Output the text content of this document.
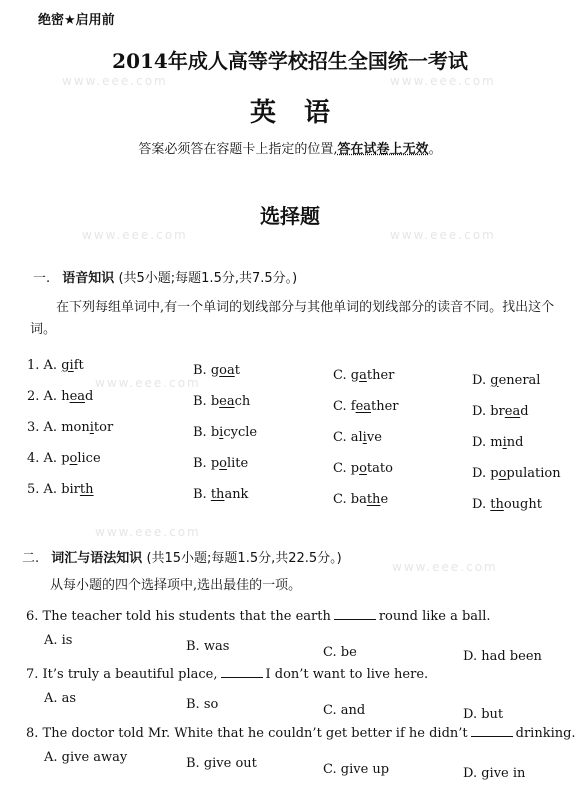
www.eee.com	www.eee.com
www.eee.com	www.eee.com
www.eee.com
www.eee.com
www.eee.com
绝密★启用前
2014年成人高等学校招生全国统一考试
英语
答案必须答在容题卡上指定的位置,答在试卷上无效。
选择题
一. 语音知识 (共5小题;每题1.5分,共7.5分。)
在下列每组单词中,有一个单词的划线部分与其他单词的划线部分的读音不同。找出这个词。
1. A. gift	B. goat	C. gather	D. general
2. A. head	B. beach	C. feather	D. bread
3. A. monitor	B. bicycle	C. alive	D. mind
4. A. police	B. polite	C. potato	D. population
5. A. birth	B. thank	C. bathe	D. thought
二. 词汇与语法知识 (共15小题;每题1.5分,共22.5分。)
从每小题的四个选择项中,选出最佳的一项。
6. The teacher told his students that the earth	round like a ball.
A. is	B. was	C. be	D. had been
7. It’s truly a beautiful place,	I don’t want to live here.
A. as	B. so	C. and	D. but
8. The doctor told Mr. White that he couldn’t get better if he didn’t	drinking.
A. give away	B. give out	C. give up	D. give in
